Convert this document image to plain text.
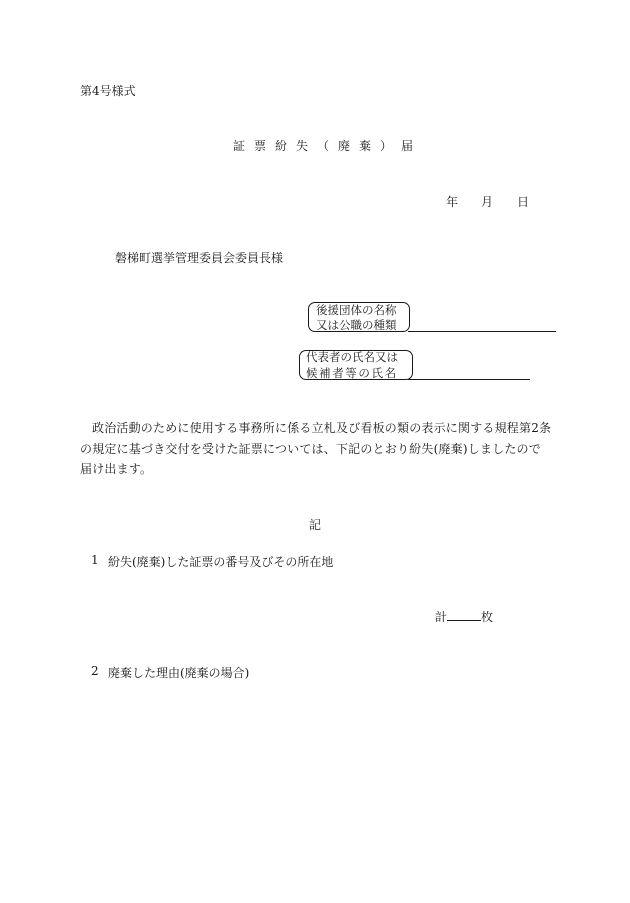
第4号様式
証票紛失（廃棄）届
年 月 日
磐梯町選挙管理委員会委員長様
後援団体の名称
又は公職の種類
代表者の氏名又は
候補者等の氏名
政治活動のために使用する事務所に係る立札及び看板の類の表示に関する規程第2条の規定に基づき交付を受けた証票については、下記のとおり紛失(廃棄)しましたので届け出ます。
記
1 紛失(廃棄)した証票の番号及びその所在地
計	枚
2 廃棄した理由(廃棄の場合)
